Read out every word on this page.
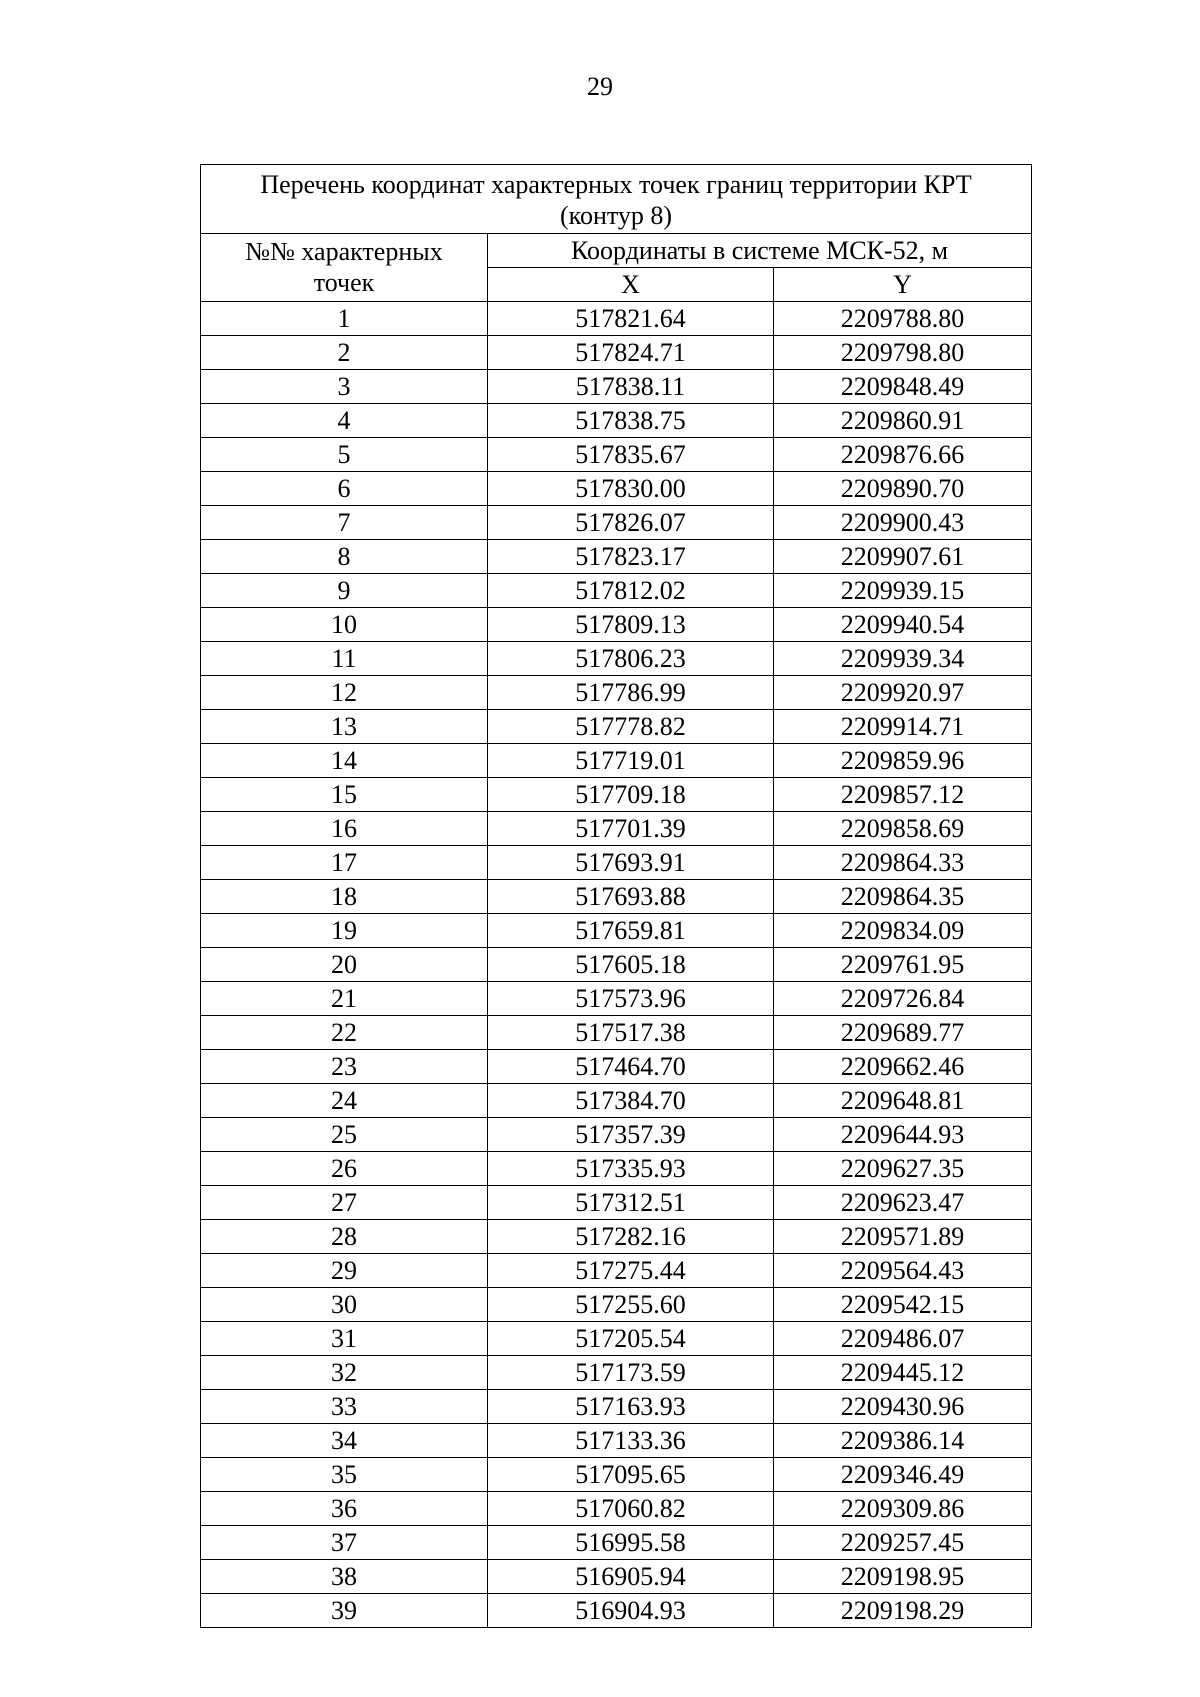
29
Перечень координат характерных точек границ территории КРТ
(контур 8)		
№№ характерных
точек	Координаты в системе МСК-52, м	
	X	Y
1	517821.64	2209788.80
2	517824.71	2209798.80
3	517838.11	2209848.49
4	517838.75	2209860.91
5	517835.67	2209876.66
6	517830.00	2209890.70
7	517826.07	2209900.43
8	517823.17	2209907.61
9	517812.02	2209939.15
10	517809.13	2209940.54
11	517806.23	2209939.34
12	517786.99	2209920.97
13	517778.82	2209914.71
14	517719.01	2209859.96
15	517709.18	2209857.12
16	517701.39	2209858.69
17	517693.91	2209864.33
18	517693.88	2209864.35
19	517659.81	2209834.09
20	517605.18	2209761.95
21	517573.96	2209726.84
22	517517.38	2209689.77
23	517464.70	2209662.46
24	517384.70	2209648.81
25	517357.39	2209644.93
26	517335.93	2209627.35
27	517312.51	2209623.47
28	517282.16	2209571.89
29	517275.44	2209564.43
30	517255.60	2209542.15
31	517205.54	2209486.07
32	517173.59	2209445.12
33	517163.93	2209430.96
34	517133.36	2209386.14
35	517095.65	2209346.49
36	517060.82	2209309.86
37	516995.58	2209257.45
38	516905.94	2209198.95
39	516904.93	2209198.29
